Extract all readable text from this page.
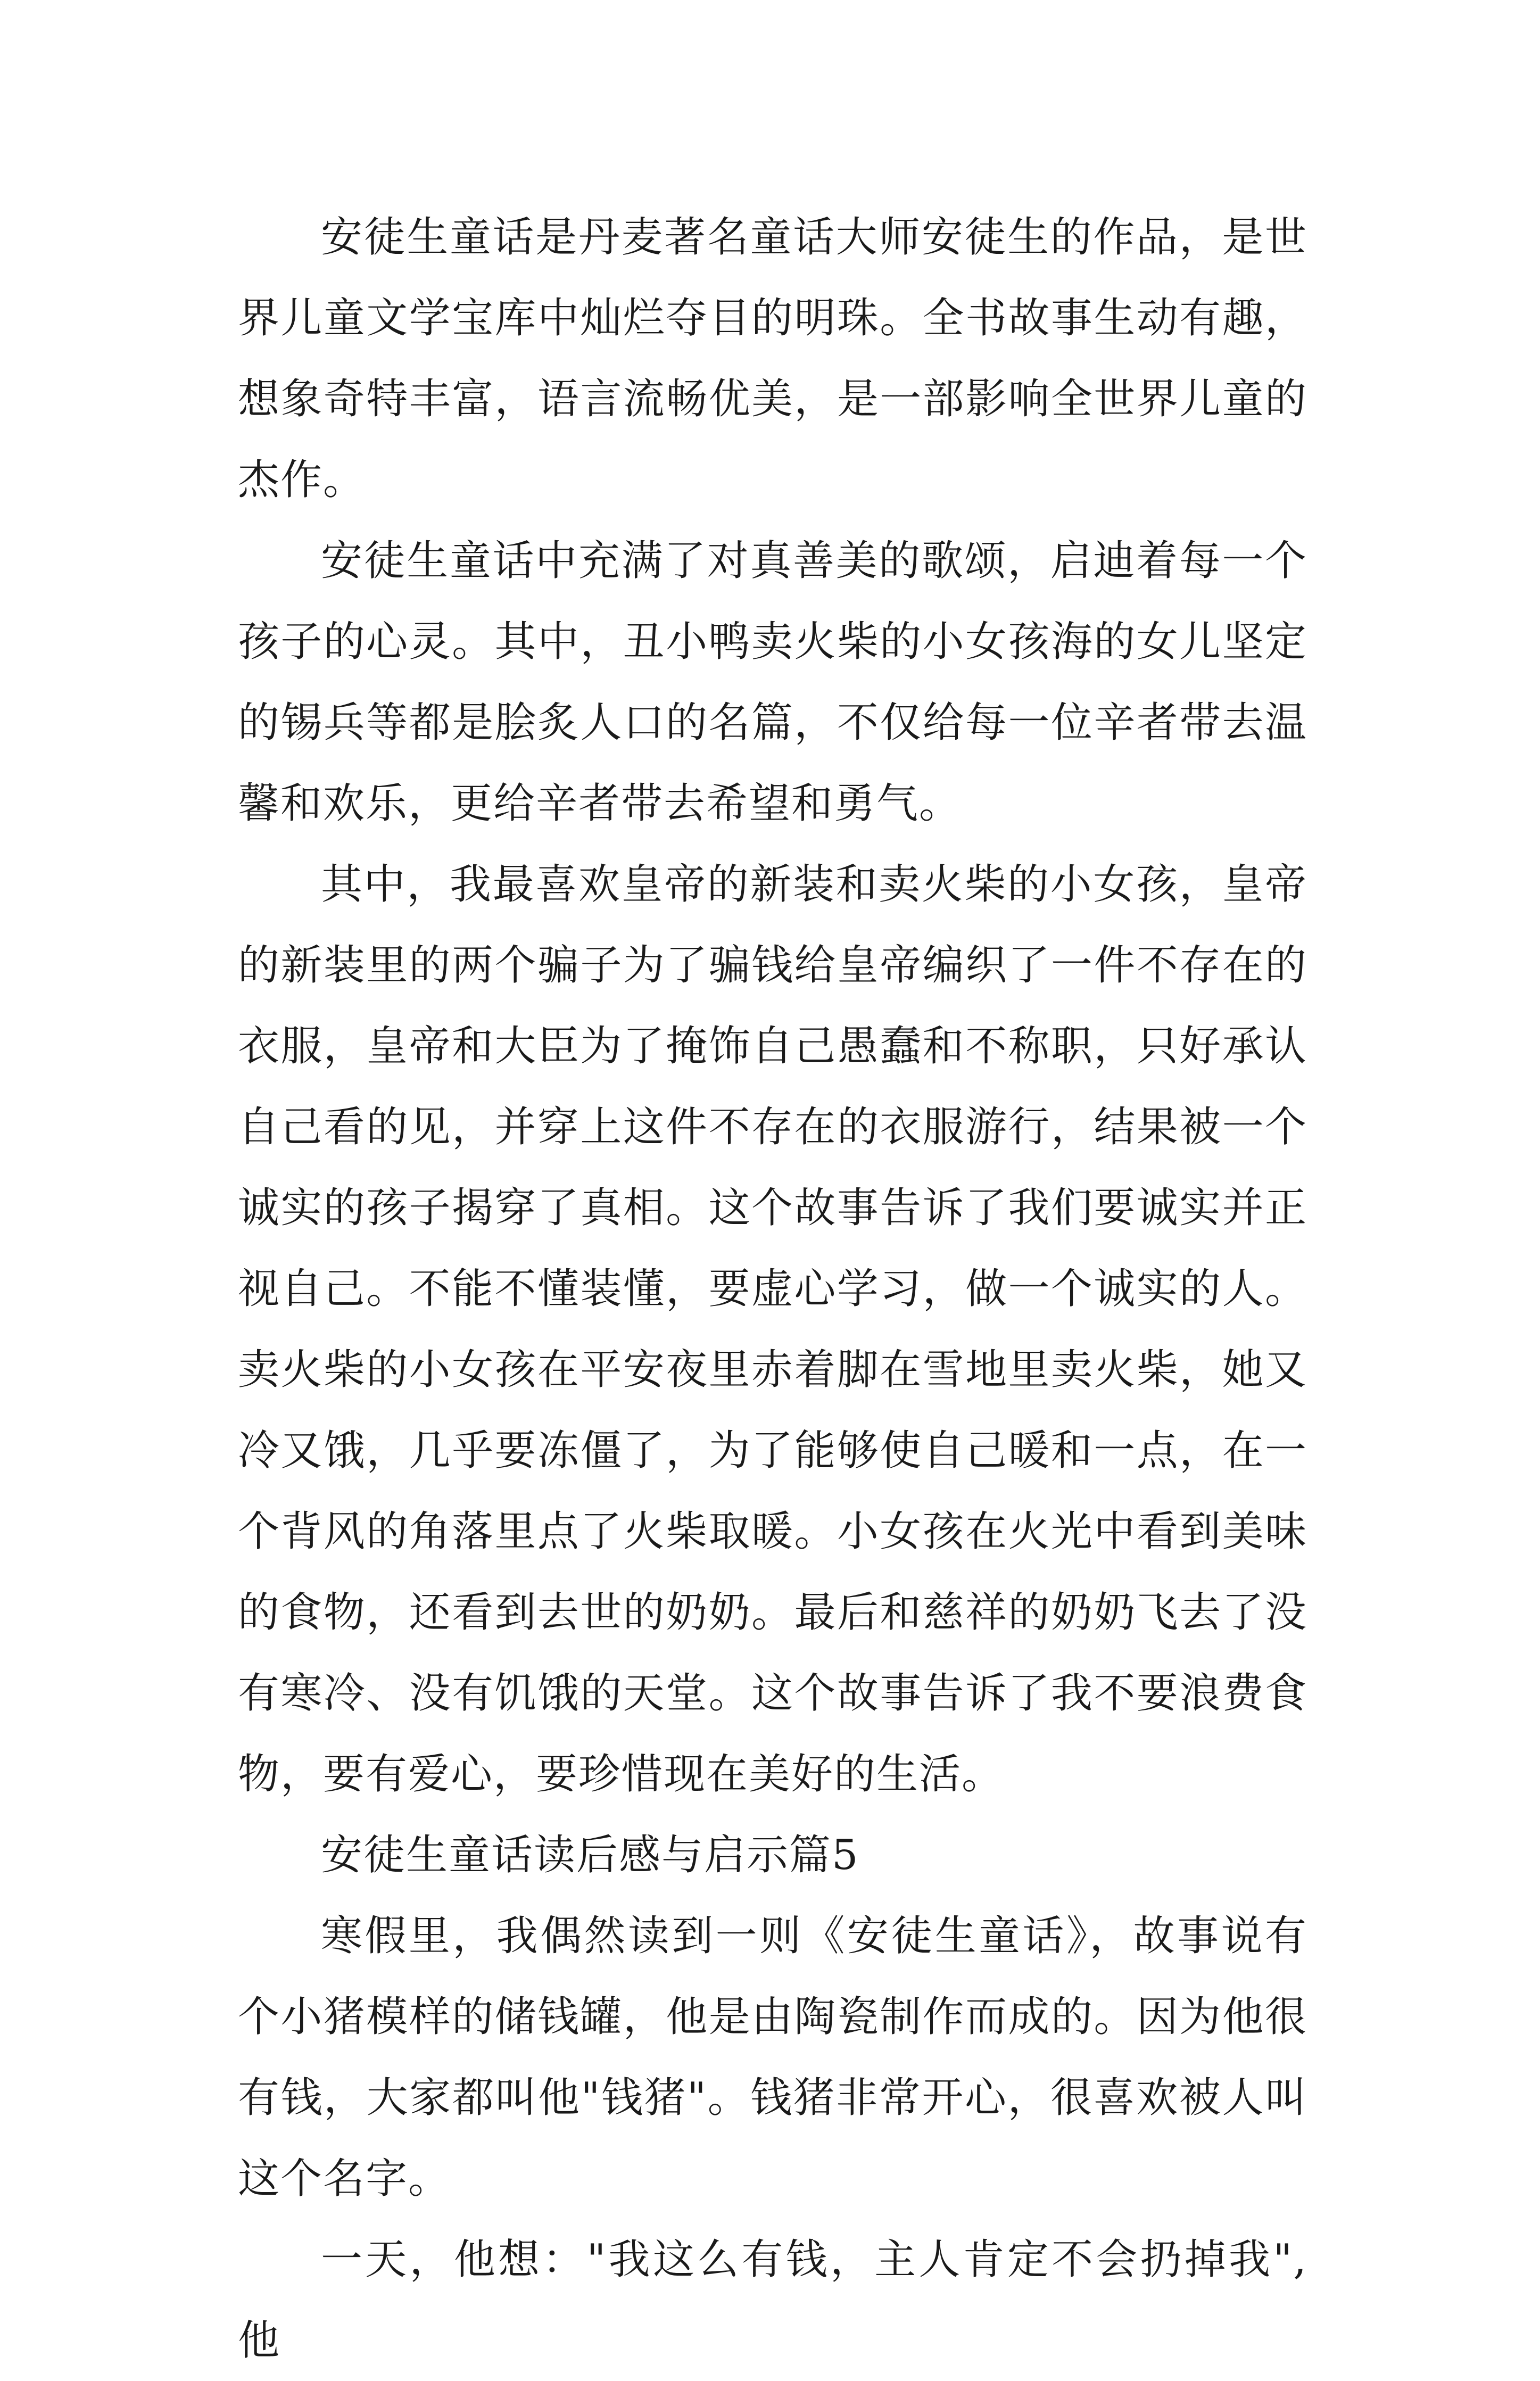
安徒生童话是丹麦著名童话大师安徒生的作品，是世界儿童文学宝库中灿烂夺目的明珠。全书故事生动有趣，想象奇特丰富，语言流畅优美，是一部影响全世界儿童的杰作。

安徒生童话中充满了对真善美的歌颂，启迪着每一个孩子的心灵。其中，丑小鸭卖火柴的小女孩海的女儿坚定的锡兵等都是脍炙人口的名篇，不仅给每一位辛者带去温馨和欢乐，更给辛者带去希望和勇气。

其中，我最喜欢皇帝的新装和卖火柴的小女孩，皇帝的新装里的两个骗子为了骗钱给皇帝编织了一件不存在的衣服，皇帝和大臣为了掩饰自己愚蠢和不称职，只好承认自己看的见，并穿上这件不存在的衣服游行，结果被一个诚实的孩子揭穿了真相。这个故事告诉了我们要诚实并正视自己。不能不懂装懂，要虚心学习，做一个诚实的人。卖火柴的小女孩在平安夜里赤着脚在雪地里卖火柴，她又冷又饿，几乎要冻僵了，为了能够使自己暖和一点，在一个背风的角落里点了火柴取暖。小女孩在火光中看到美味的食物，还看到去世的奶奶。最后和慈祥的奶奶飞去了没有寒冷、没有饥饿的天堂。这个故事告诉了我不要浪费食物，要有爱心，要珍惜现在美好的生活。

安徒生童话读后感与启示篇5

寒假里，我偶然读到一则《安徒生童话》，故事说有个小猪模样的储钱罐，他是由陶瓷制作而成的。因为他很有钱，大家都叫他"钱猪"。钱猪非常开心，很喜欢被人叫这个名字。

一天，他想："我这么有钱，主人肯定不会扔掉我",他
